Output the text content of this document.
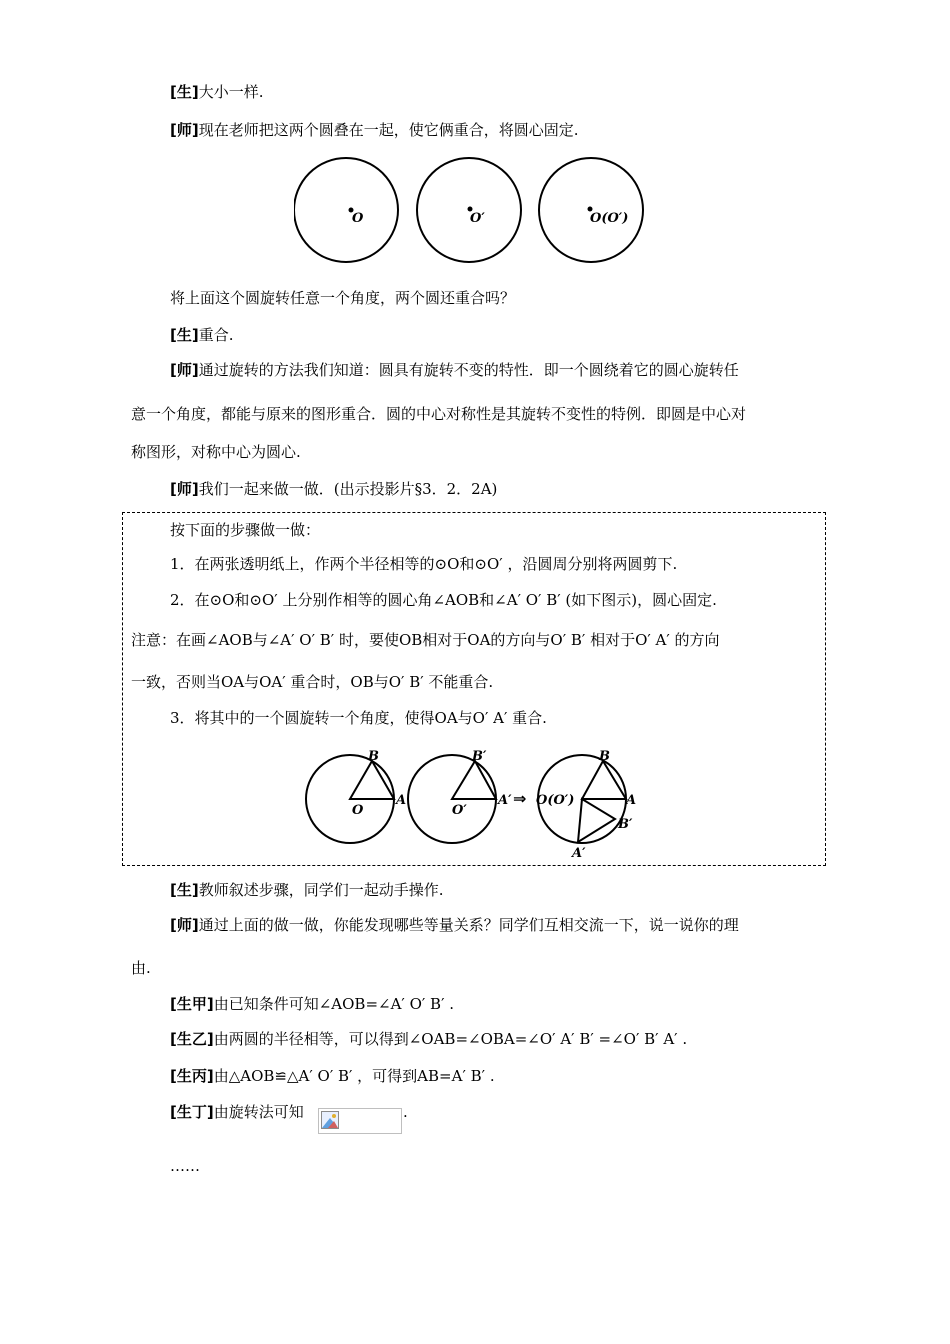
[生]大小一样.
[师]现在老师把这两个圆叠在一起，使它俩重合，将圆心固定.
O	O′	O(O′)
将上面这个圆旋转任意一个角度，两个圆还重合吗？
[生]重合.
[师]通过旋转的方法我们知道：圆具有旋转不变的特性．即一个圆绕着它的圆心旋转任
意一个角度，都能与原来的图形重合．圆的中心对称性是其旋转不变性的特例．即圆是中心对
称图形，对称中心为圆心.
[师]我们一起来做一做．(出示投影片§3．2．2A)
按下面的步骤做一做：
1．在两张透明纸上，作两个半径相等的⊙O和⊙O′ ，沿圆周分别将两圆剪下.
2．在⊙O和⊙O′ 上分别作相等的圆心角∠AOB和∠A′ O′ B′ (如下图示)，圆心固定.
注意：在画∠AOB与∠A′ O′ B′ 时，要使OB相对于OA的方向与O′ B′ 相对于O′ A′ 的方向
一致，否则当OA与OA′ 重合时，OB与O′ B′ 不能重合.
3．将其中的一个圆旋转一个角度，使得OA与O′ A′ 重合.
B
A
O
B′
A′
O′
⇒
B
A
O(O′)
B′
A′
[生]教师叙述步骤，同学们一起动手操作.
[师]通过上面的做一做，你能发现哪些等量关系？同学们互相交流一下，说一说你的理
由.
[生甲]由已知条件可知∠AOB=∠A′ O′ B′ .
[生乙]由两圆的半径相等，可以得到∠OAB=∠OBA=∠O′ A′ B′ =∠O′ B′ A′ .
[生丙]由△AOB≌△A′ O′ B′ ，可得到AB=A′ B′ .
[生丁]由旋转法可知	.
……
